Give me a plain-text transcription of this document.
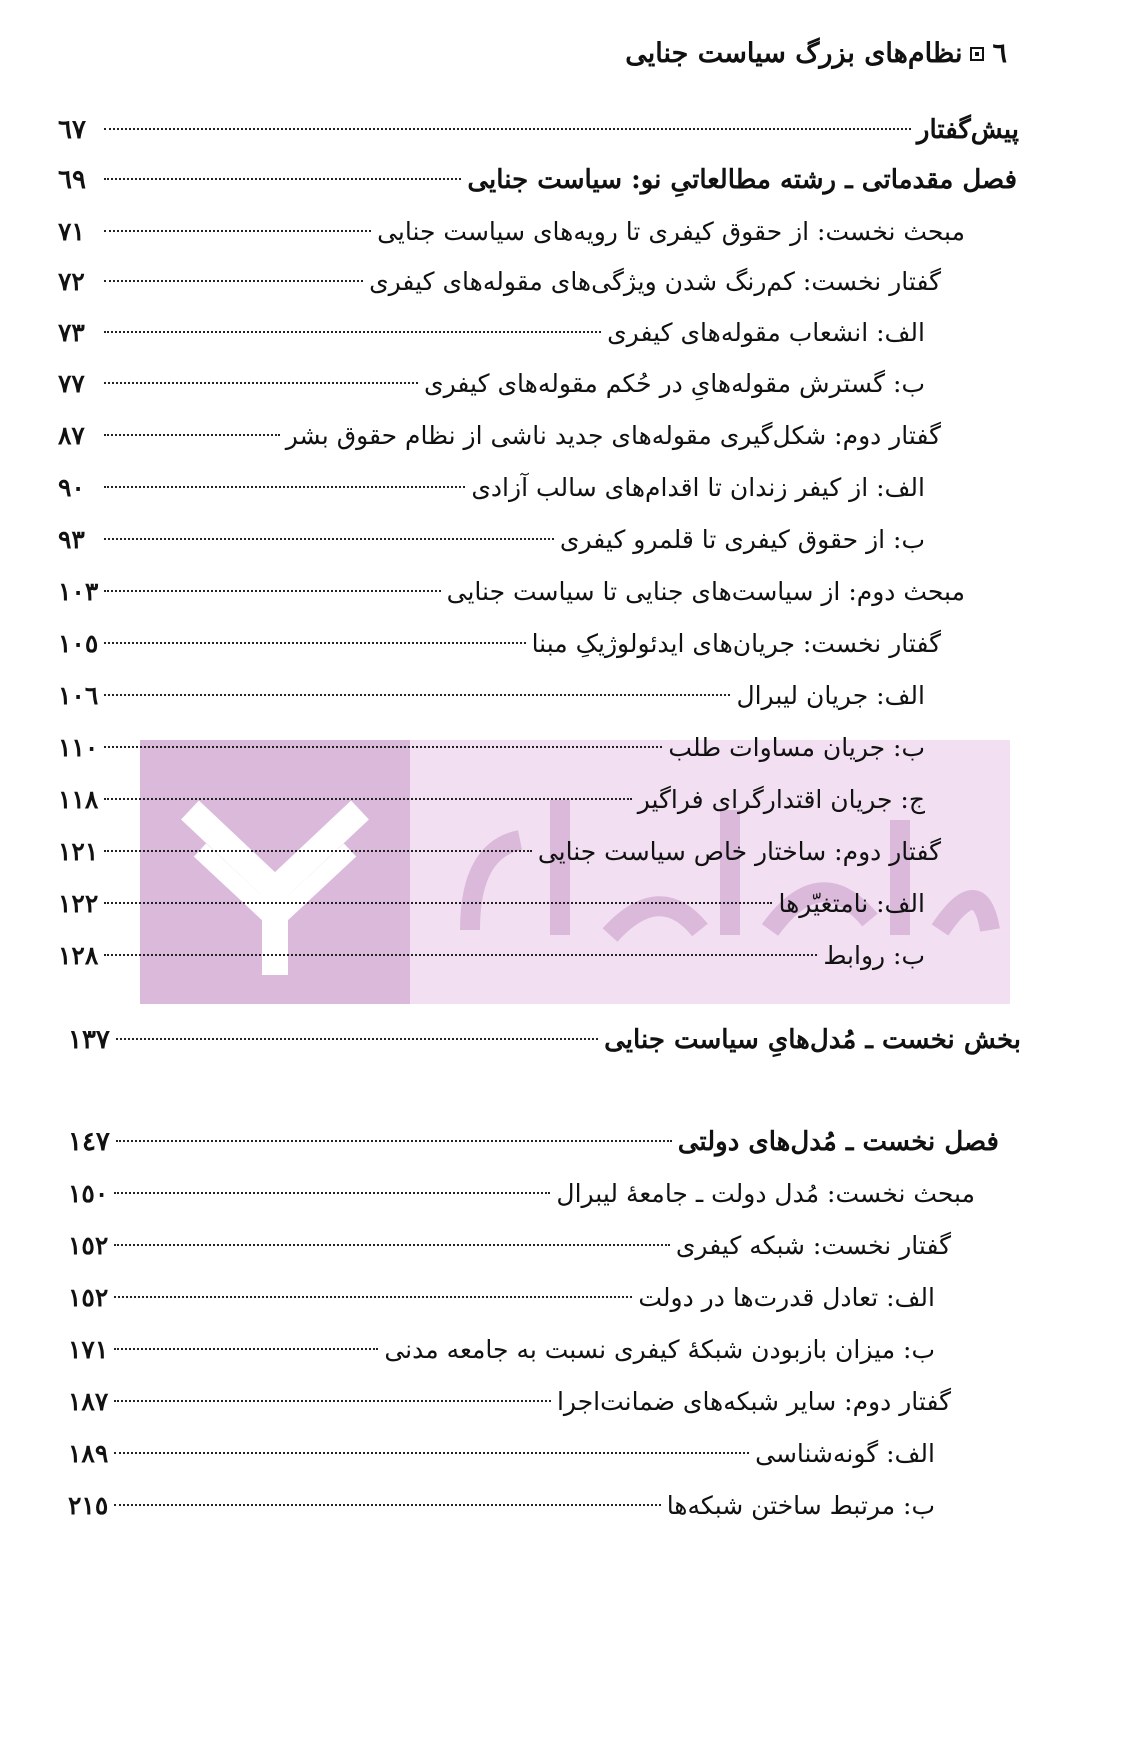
٦
نظام‌های بزرگ سیاست جنایی
پیش‌گفتار
٦٧
فصل مقدماتی ـ رشته مطالعاتیِ نو: سیاست جنایی
٦٩
مبحث نخست: از حقوق کیفری تا رویه‌های سیاست جنایی
٧١
گفتار نخست: کم‌رنگ شدن ویژگی‌های مقوله‌های کیفری
٧٢
الف: انشعاب مقوله‌های کیفری
٧٣
ب: گسترش مقوله‌هایِ در حُکم مقوله‌های کیفری
٧٧
گفتار دوم: شکل‌گیری مقوله‌های جدید ناشی از نظام حقوق بشر
٨٧
الف: از کیفر زندان تا اقدام‌های سالب آزادی
٩٠
ب: از حقوق کیفری تا قلمرو کیفری
٩٣
مبحث دوم: از سیاست‌های جنایی تا سیاست جنایی
١٠٣
گفتار نخست: جریان‌های ایدئولوژیکِ مبنا
١٠٥
الف: جریان لیبرال
١٠٦
ب: جریان مساوات طلب
١١٠
ج: جریان اقتدارگرای فراگیر
١١٨
گفتار دوم: ساختار خاص سیاست جنایی
١٢١
الف: نامتغیّرها
١٢٢
ب: روابط
١٢٨
بخش نخست ـ مُدل‌هایِ سیاست جنایی
١٣٧
فصل نخست ـ مُدل‌های دولتی
١٤٧
مبحث نخست: مُدل دولت ـ جامعهٔ لیبرال
١٥٠
گفتار نخست: شبکه کیفری
١٥٢
الف: تعادل قدرت‌ها در دولت
١٥٢
ب: میزان بازبودن شبکهٔ کیفری نسبت به جامعه مدنی
١٧١
گفتار دوم: سایر شبکه‌های ضمانت‌اجرا
١٨٧
الف: گونه‌شناسی
١٨٩
ب: مرتبط ساختن شبکه‌ها
٢١٥
